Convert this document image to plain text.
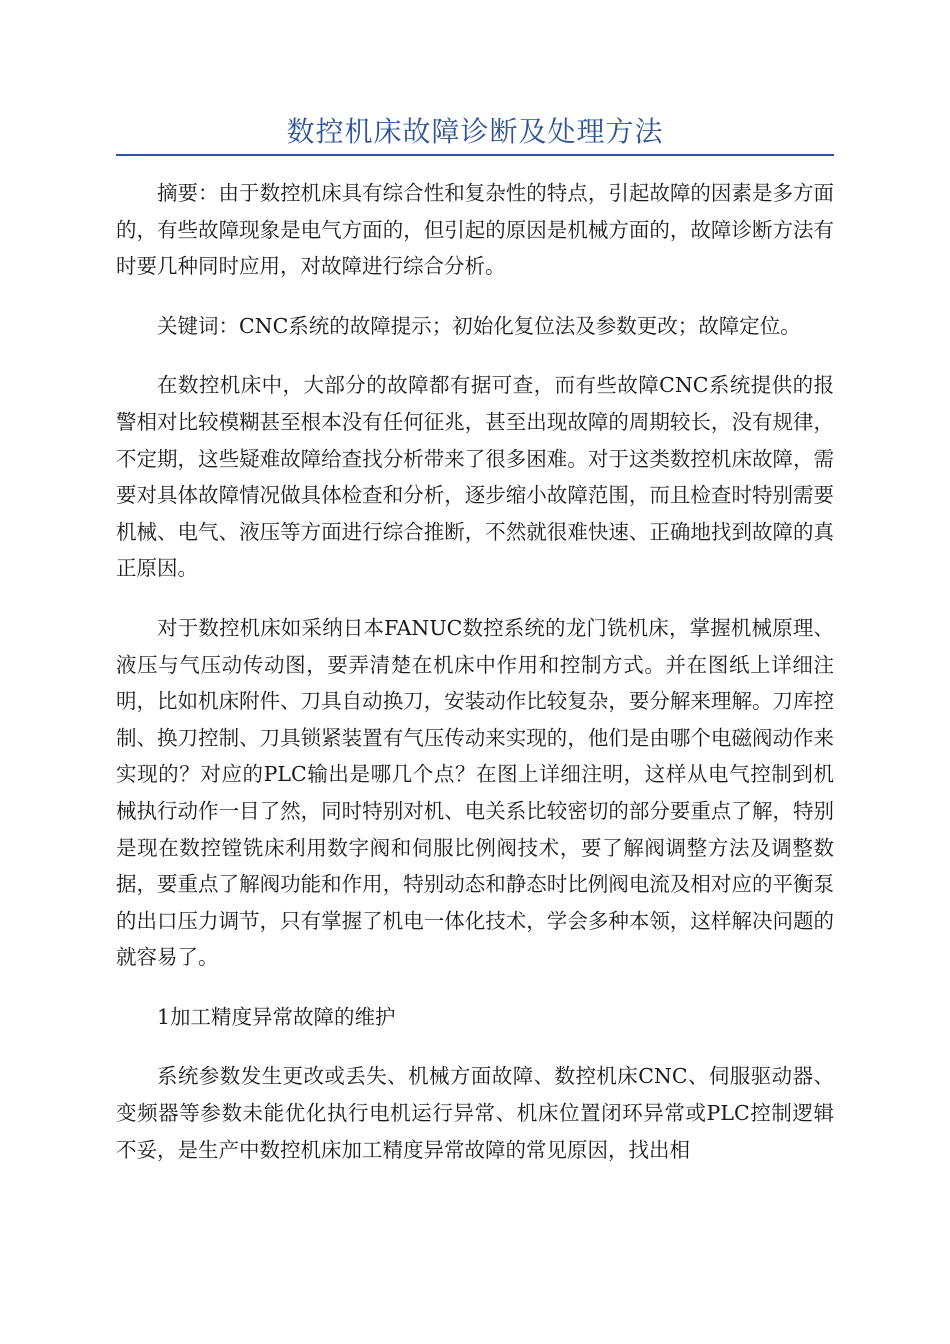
数控机床故障诊断及处理方法

摘要：由于数控机床具有综合性和复杂性的特点，引起故障的因素是多方面的，有些故障现象是电气方面的，但引起的原因是机械方面的，故障诊断方法有时要几种同时应用，对故障进行综合分析。

关键词：CNC系统的故障提示；初始化复位法及参数更改；故障定位。

在数控机床中，大部分的故障都有据可查，而有些故障CNC系统提供的报警相对比较模糊甚至根本没有任何征兆，甚至出现故障的周期较长，没有规律，不定期，这些疑难故障给查找分析带来了很多困难。对于这类数控机床故障，需要对具体故障情况做具体检查和分析，逐步缩小故障范围，而且检查时特别需要机械、电气、液压等方面进行综合推断，不然就很难快速、正确地找到故障的真正原因。

对于数控机床如采纳日本FANUC数控系统的龙门铣机床，掌握机械原理、液压与气压动传动图，要弄清楚在机床中作用和控制方式。并在图纸上详细注明，比如机床附件、刀具自动换刀，安装动作比较复杂，要分解来理解。刀库控制、换刀控制、刀具锁紧装置有气压传动来实现的，他们是由哪个电磁阀动作来实现的？对应的PLC输出是哪几个点？在图上详细注明，这样从电气控制到机械执行动作一目了然，同时特别对机、电关系比较密切的部分要重点了解，特别是现在数控镗铣床利用数字阀和伺服比例阀技术，要了解阀调整方法及调整数据，要重点了解阀功能和作用，特别动态和静态时比例阀电流及相对应的平衡泵的出口压力调节，只有掌握了机电一体化技术，学会多种本领，这样解决问题的就容易了。

1加工精度异常故障的维护

系统参数发生更改或丢失、机械方面故障、数控机床CNC、伺服驱动器、变频器等参数未能优化执行电机运行异常、机床位置闭环异常或PLC控制逻辑不妥，是生产中数控机床加工精度异常故障的常见原因，找出相
